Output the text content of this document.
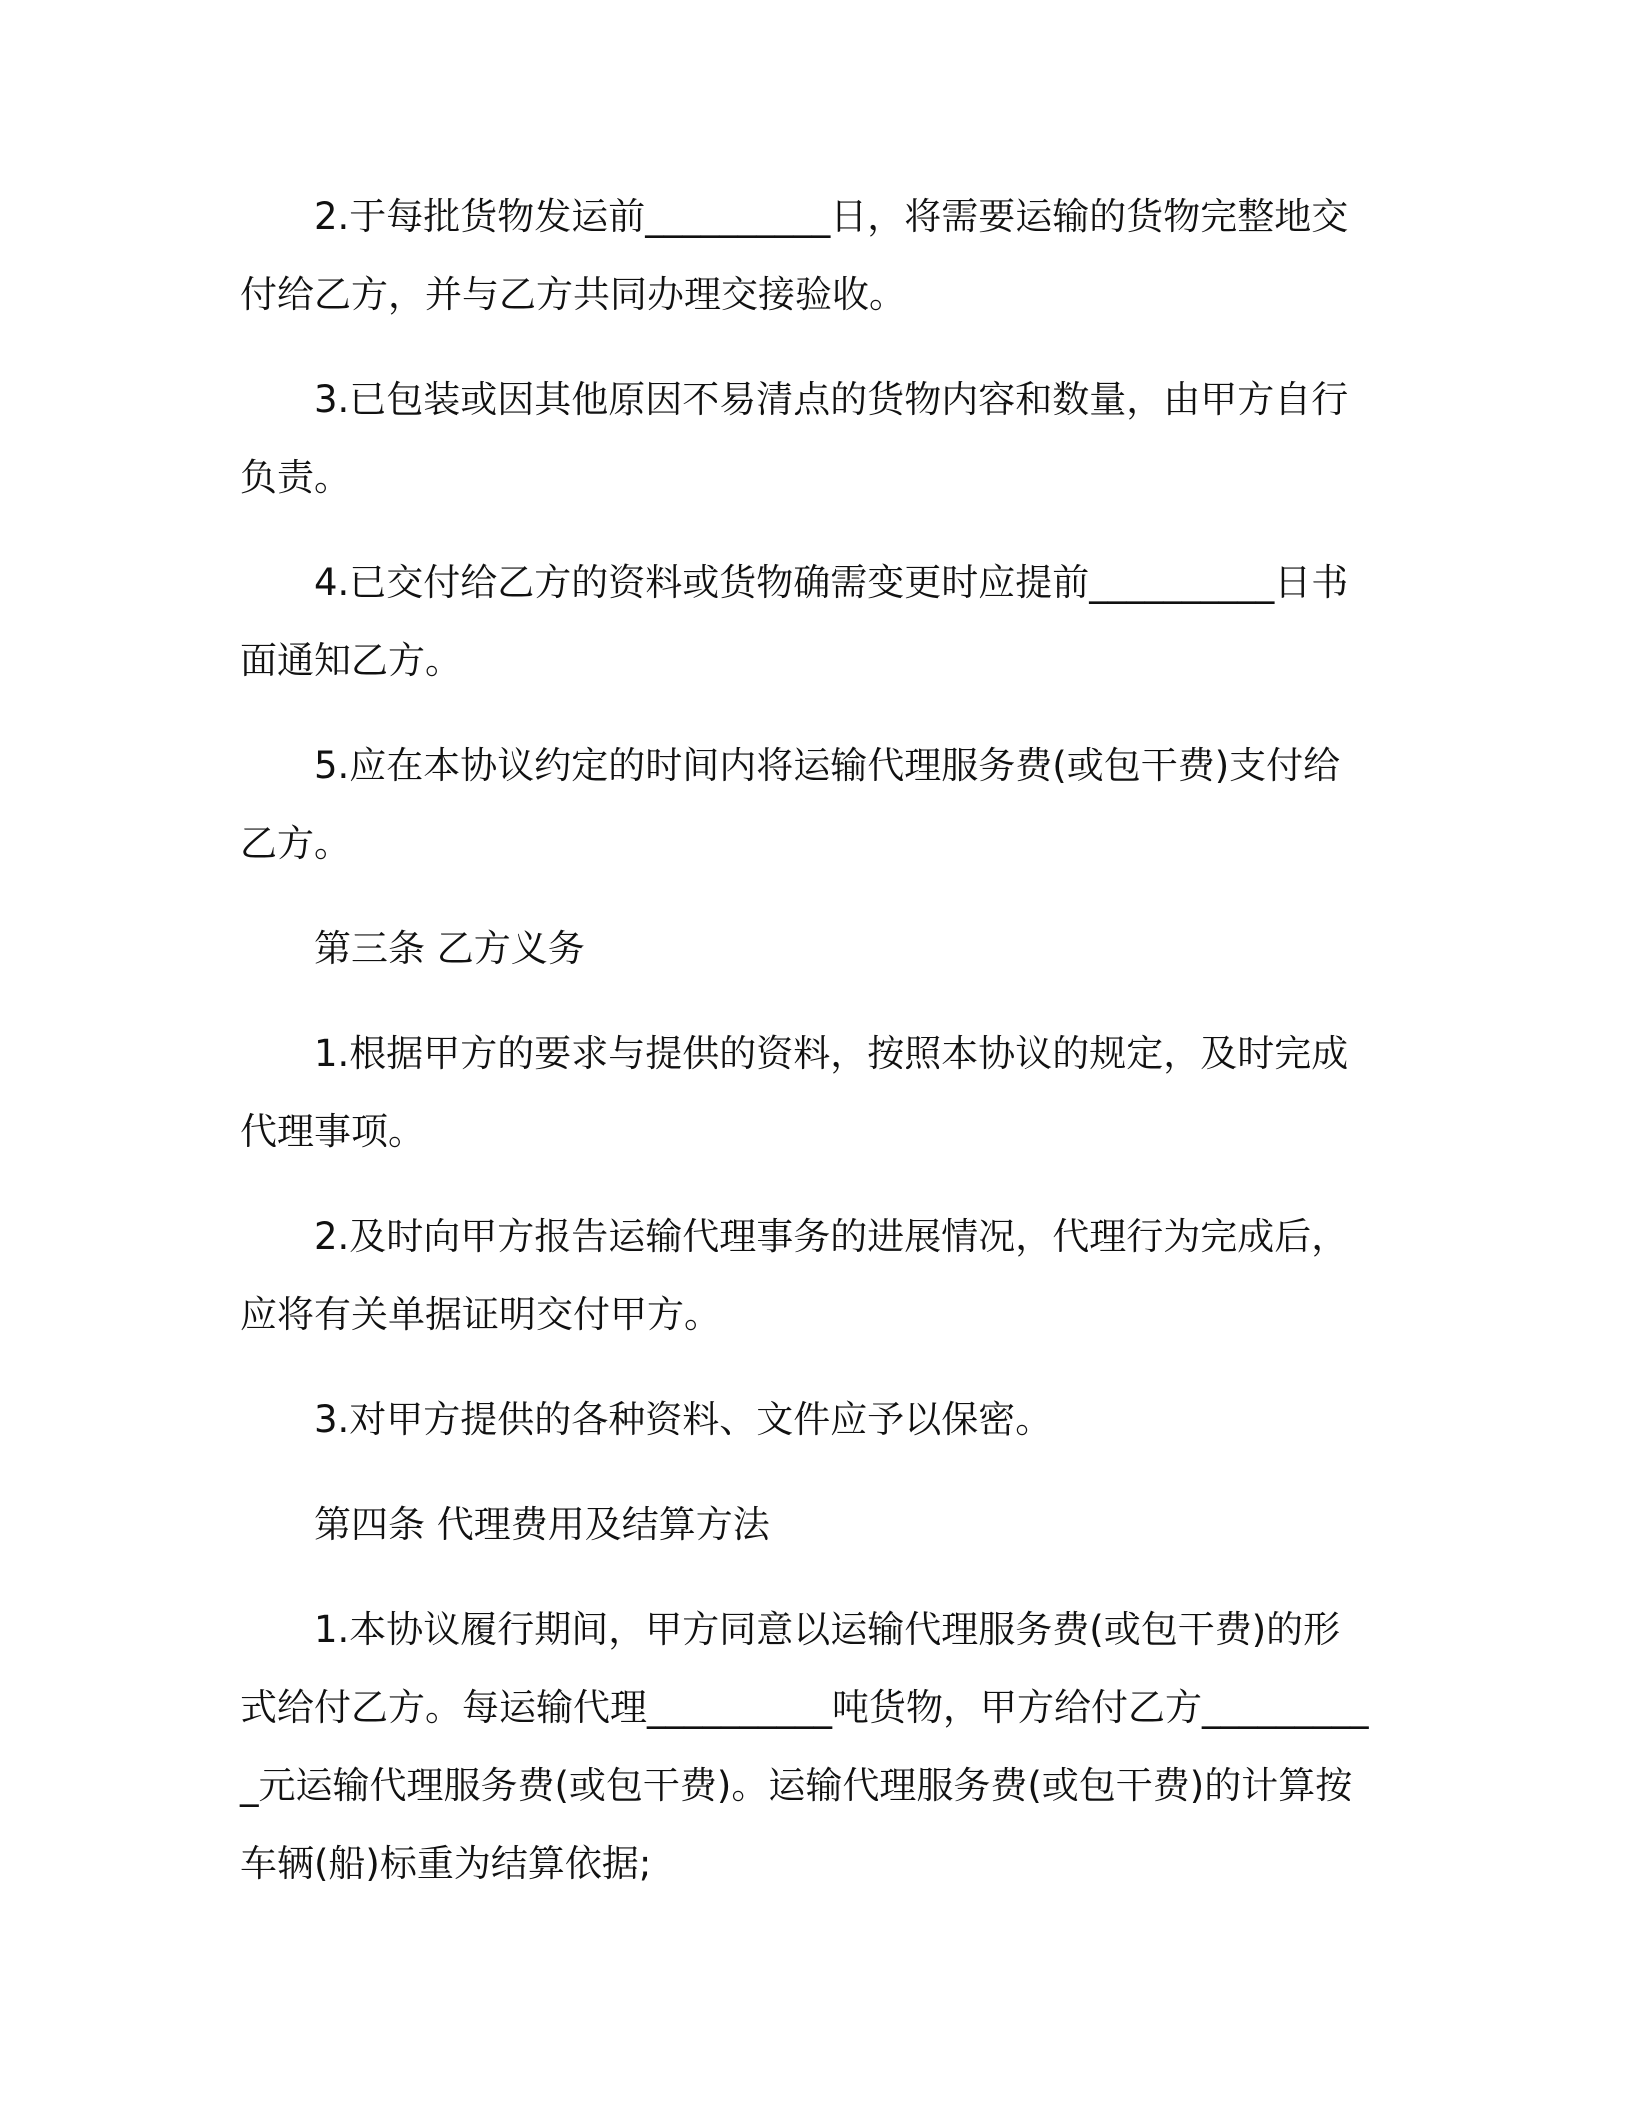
2.于每批货物发运前__________日，将需要运输的货物完整地交付给乙方，并与乙方共同办理交接验收。

3.已包装或因其他原因不易清点的货物内容和数量，由甲方自行负责。

4.已交付给乙方的资料或货物确需变更时应提前__________日书面通知乙方。

5.应在本协议约定的时间内将运输代理服务费(或包干费)支付给乙方。

第三条 乙方义务

1.根据甲方的要求与提供的资料，按照本协议的规定，及时完成代理事项。

2.及时向甲方报告运输代理事务的进展情况，代理行为完成后，应将有关单据证明交付甲方。

3.对甲方提供的各种资料、文件应予以保密。

第四条 代理费用及结算方法

1.本协议履行期间，甲方同意以运输代理服务费(或包干费)的形式给付乙方。每运输代理__________吨货物，甲方给付乙方__________元运输代理服务费(或包干费)。运输代理服务费(或包干费)的计算按车辆(船)标重为结算依据;
